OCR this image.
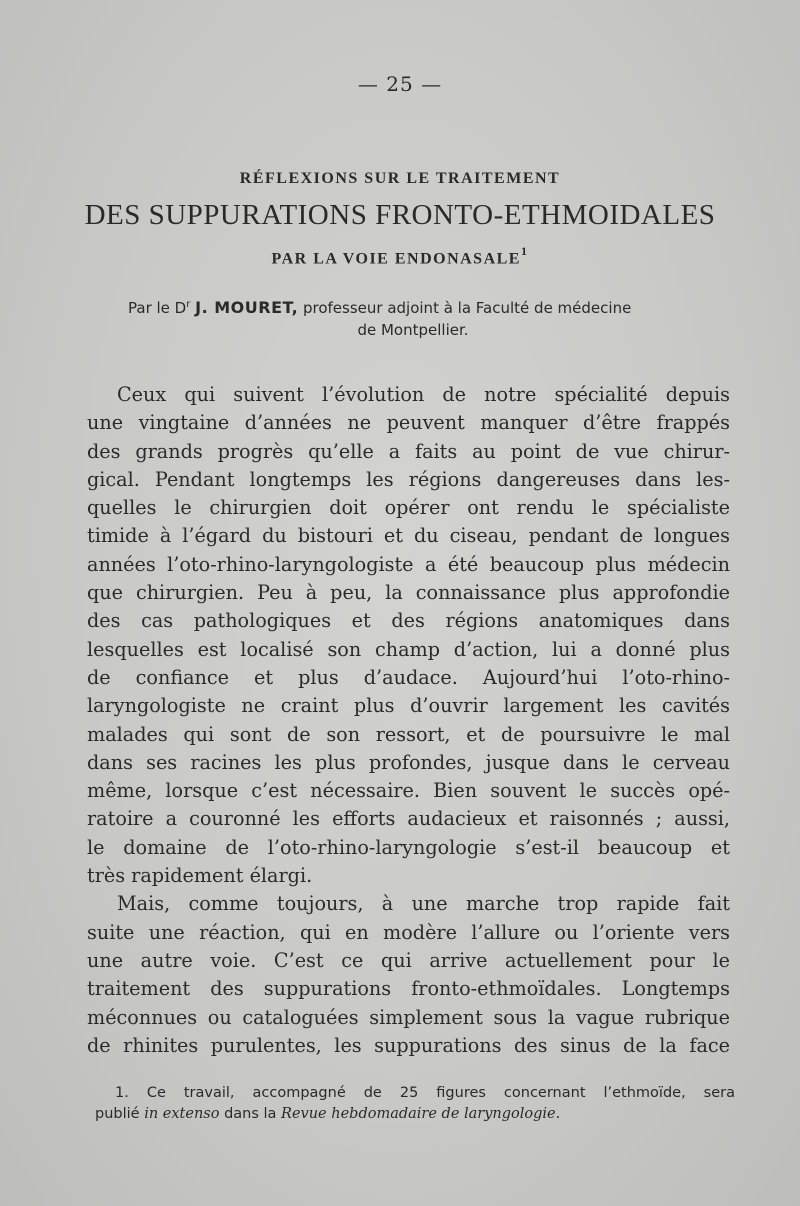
— 25 —
RÉFLEXIONS SUR LE TRAITEMENT
DES SUPPURATIONS FRONTO-ETHMOIDALES
PAR LA VOIE ENDONASALE$^1$
Par le $D^r$ J. MOURET, professeur adjoint à la Faculté de médecine
de Montpellier.
Ceux qui suivent l’évolution de notre spécialité depuis
une vingtaine d’années ne peuvent manquer d’être frappés
des grands progrès qu’elle a faits au point de vue chirur-
gical. Pendant longtemps les régions dangereuses dans les-
quelles le chirurgien doit opérer ont rendu le spécialiste
timide à l’égard du bistouri et du ciseau, pendant de longues
années l’oto-rhino-laryngologiste a été beaucoup plus médecin
que chirurgien. Peu à peu, la connaissance plus approfondie
des cas pathologiques et des régions anatomiques dans
lesquelles est localisé son champ d’action, lui a donné plus
de confiance et plus d’audace. Aujourd’hui l’oto-rhino-
laryngologiste ne craint plus d’ouvrir largement les cavités
malades qui sont de son ressort, et de poursuivre le mal
dans ses racines les plus profondes, jusque dans le cerveau
même, lorsque c’est nécessaire. Bien souvent le succès opé-
ratoire a couronné les efforts audacieux et raisonnés ; aussi,
le domaine de l’oto-rhino-laryngologie s’est-il beaucoup et
très rapidement élargi.
Mais, comme toujours, à une marche trop rapide fait
suite une réaction, qui en modère l’allure ou l’oriente vers
une autre voie. C’est ce qui arrive actuellement pour le
traitement des suppurations fronto-ethmoïdales. Longtemps
méconnues ou cataloguées simplement sous la vague rubrique
de rhinites purulentes, les suppurations des sinus de la face
1. Ce travail, accompagné de 25 figures concernant l’ethmoïde, sera
publié in extenso dans la Revue hebdomadaire de laryngologie.
